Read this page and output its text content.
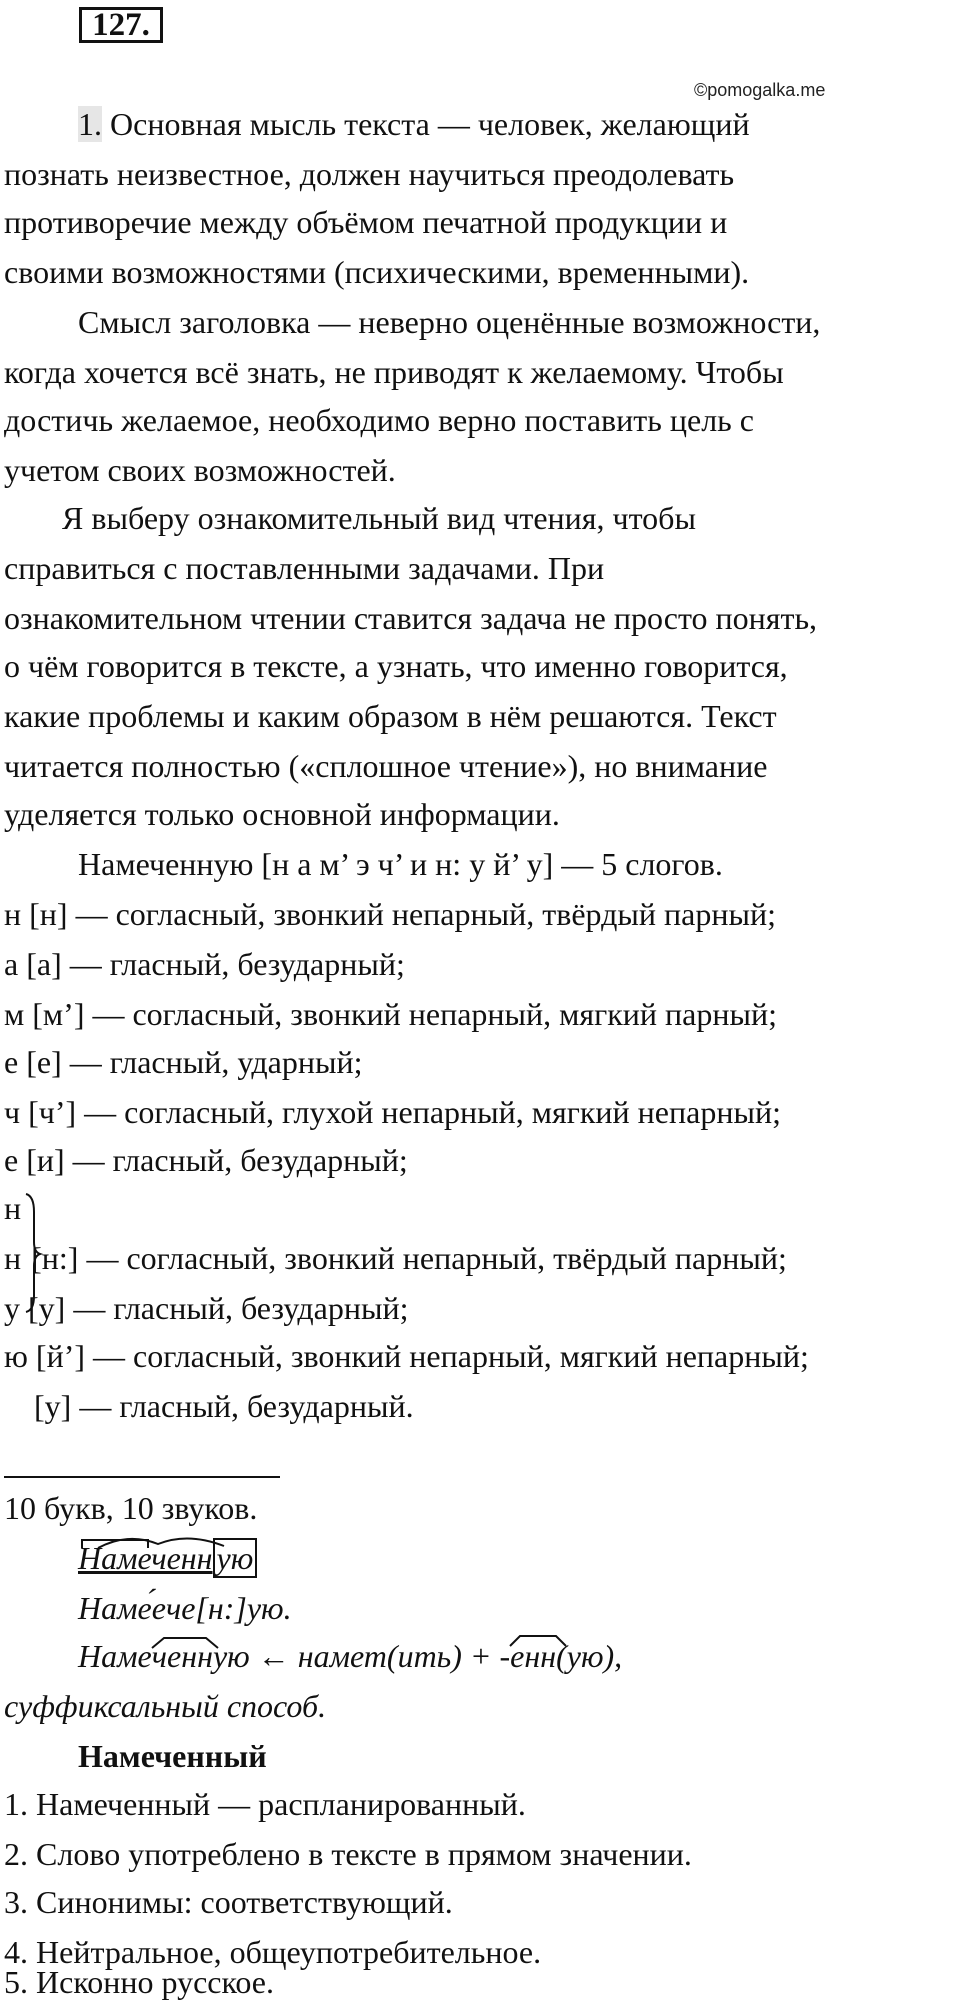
127.
©pomogalka.me
1. Основная мысль текста — человек, желающий
познать неизвестное, должен научиться преодолевать
противоречие между объёмом печатной продукции и
своими возможностями (психическими, временными).
Смысл заголовка — неверно оценённые возможности,
когда хочется всё знать, не приводят к желаемому. Чтобы
достичь желаемое, необходимо верно поставить цель с
учетом своих возможностей.
Я выберу ознакомительный вид чтения, чтобы
справиться с поставленными задачами. При
ознакомительном чтении ставится задача не просто понять,
о чём говорится в тексте, а узнать, что именно говорится,
какие проблемы и каким образом в нём решаются. Текст
читается полностью («сплошное чтение»), но внимание
уделяется только основной информации.
Намеченную [н а м’ э ч’ и н: у й’ у] — 5 слогов.
н [н] — согласный, звонкий непарный, твёрдый парный;
а [а] — гласный, безударный;
м [м’] — согласный, звонкий непарный, мягкий парный;
е [е] — гласный, ударный;
ч [ч’] — согласный, глухой непарный, мягкий непарный;
е [и] — гласный, безударный;
н
н [н:] — согласный, звонкий непарный, твёрдый парный;
у [у] — гласный, безударный;
ю [й’] — согласный, звонкий непарный, мягкий непарный;
[у] — гласный, безударный.
10 букв, 10 звуков.
Намеченн ую
Намее
че[н:]ую.
Намече
нную ← намет(ить) + -енн
(ую),
суффиксальный способ.
Намеченный
1. Намеченный — распланированный.
2. Слово употреблено в тексте в прямом значении.
3. Синонимы: соответствующий.
4. Нейтральное, общеупотребительное.
5. Исконно русское.
